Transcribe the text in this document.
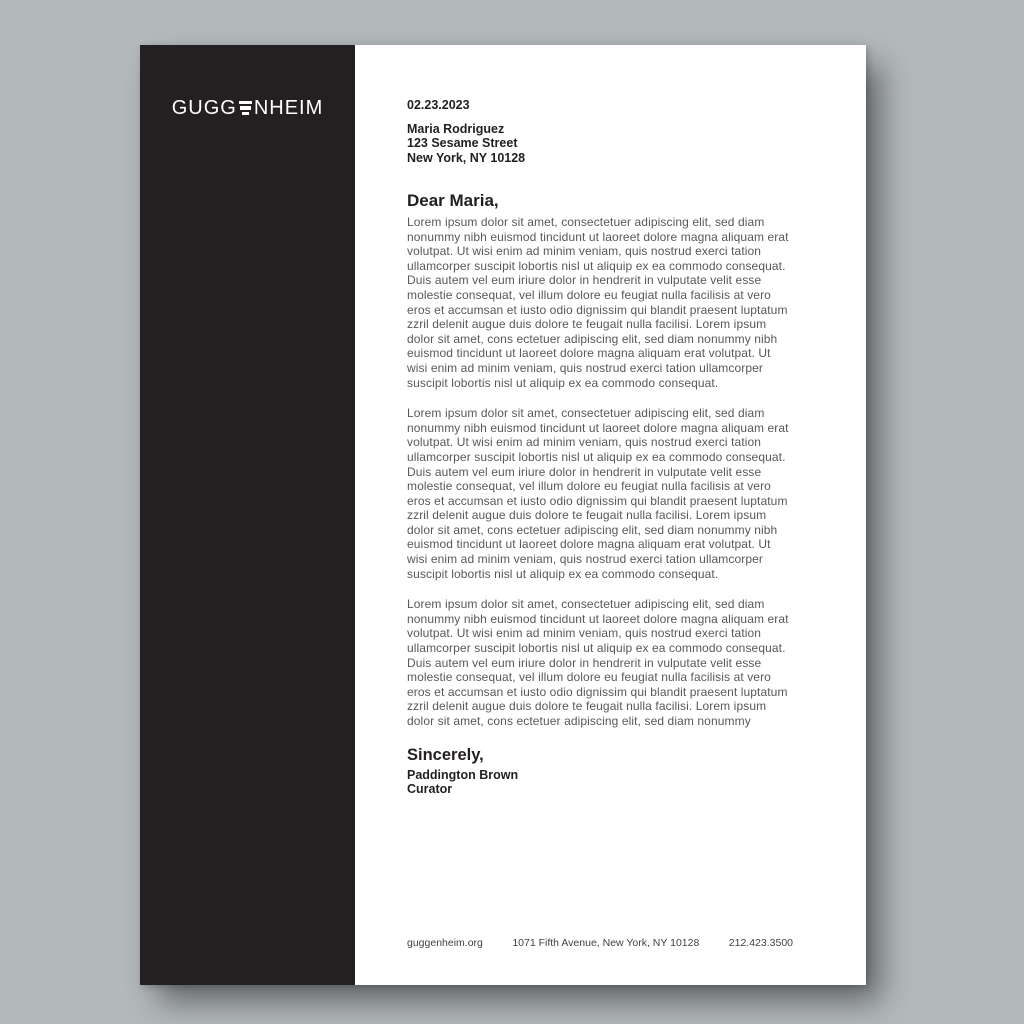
GUGG NHEIM	02.23.2023
Maria Rodriguez
123 Sesame Street
New York, NY 10128
Dear Maria,

Lorem ipsum dolor sit amet, consectetuer adipiscing elit, sed diam nonummy nibh euismod tincidunt ut laoreet dolore magna aliquam erat volutpat. Ut wisi enim ad minim veniam, quis nostrud exerci tation ullamcorper suscipit lobortis nisl ut aliquip ex ea commodo consequat. Duis autem vel eum iriure dolor in hendrerit in vulputate velit esse molestie consequat, vel illum dolore eu feugiat nulla facilisis at vero eros et accumsan et iusto odio dignissim qui blandit praesent luptatum zzril delenit augue duis dolore te feugait nulla facilisi. Lorem ipsum dolor sit amet, cons ectetuer adipiscing elit, sed diam nonummy nibh euismod tincidunt ut laoreet dolore magna aliquam erat volutpat. Ut wisi enim ad minim veniam, quis nostrud exerci tation ullamcorper suscipit lobortis nisl ut aliquip ex ea commodo consequat.

Lorem ipsum dolor sit amet, consectetuer adipiscing elit, sed diam nonummy nibh euismod tincidunt ut laoreet dolore magna aliquam erat volutpat. Ut wisi enim ad minim veniam, quis nostrud exerci tation ullamcorper suscipit lobortis nisl ut aliquip ex ea commodo consequat. Duis autem vel eum iriure dolor in hendrerit in vulputate velit esse molestie consequat, vel illum dolore eu feugiat nulla facilisis at vero eros et accumsan et iusto odio dignissim qui blandit praesent luptatum zzril delenit augue duis dolore te feugait nulla facilisi. Lorem ipsum dolor sit amet, cons ectetuer adipiscing elit, sed diam nonummy nibh euismod tincidunt ut laoreet dolore magna aliquam erat volutpat. Ut wisi enim ad minim veniam, quis nostrud exerci tation ullamcorper suscipit lobortis nisl ut aliquip ex ea commodo consequat.

Lorem ipsum dolor sit amet, consectetuer adipiscing elit, sed diam nonummy nibh euismod tincidunt ut laoreet dolore magna aliquam erat volutpat. Ut wisi enim ad minim veniam, quis nostrud exerci tation ullamcorper suscipit lobortis nisl ut aliquip ex ea commodo consequat. Duis autem vel eum iriure dolor in hendrerit in vulputate velit esse molestie consequat, vel illum dolore eu feugiat nulla facilisis at vero eros et accumsan et iusto odio dignissim qui blandit praesent luptatum zzril delenit augue duis dolore te feugait nulla facilisi. Lorem ipsum dolor sit amet, cons ectetuer adipiscing elit, sed diam nonummy

Sincerely,
Paddington Brown
Curator
guggenheim.org	1071 Fifth Avenue, New York, NY 10128	212.423.3500
